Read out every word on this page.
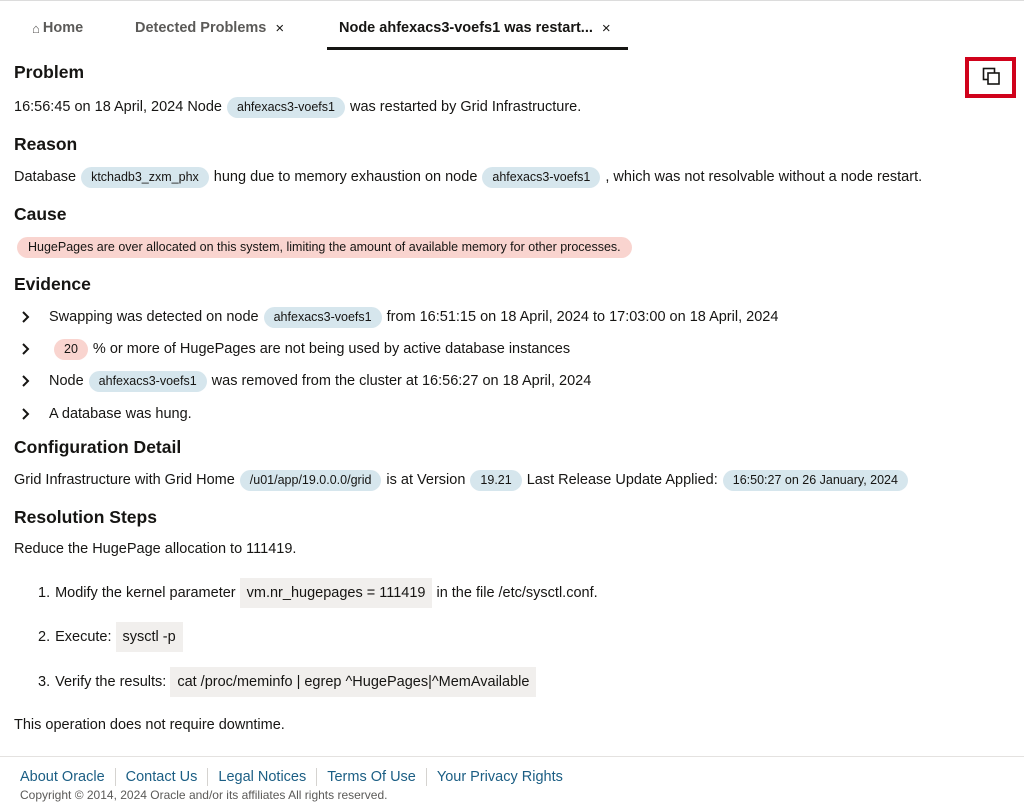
⌂ Home	Detected Problems ×	Node ahfexacs3-voefs1 was restart... ×
Problem
16:56:45 on 18 April, 2024 Node	ahfexacs3-voefs1	was restarted by Grid Infrastructure.
Reason
Database	ktchadb3_zxm_phx	hung due to memory exhaustion on node	ahfexacs3-voefs1	, which was not resolvable without a node restart.
Cause
HugePages are over allocated on this system, limiting the amount of available memory for other processes.
Evidence
Swapping was detected on node	ahfexacs3-voefs1	from 16:51:15 on 18 April, 2024 to 17:03:00 on 18 April, 2024
20	% or more of HugePages are not being used by active database instances
Node	ahfexacs3-voefs1	was removed from the cluster at 16:56:27 on 18 April, 2024
A database was hung.
Configuration Detail
Grid Infrastructure with Grid Home	/u01/app/19.0.0.0/grid	is at Version	19.21	Last Release Update Applied:	16:50:27 on 26 January, 2024
Resolution Steps
Reduce the HugePage allocation to 111419.
1. Modify the kernel parameter vm.nr_hugepages = 111419 in the file /etc/sysctl.conf.
2. Execute: sysctl -p
3. Verify the results: cat /proc/meminfo | egrep ^HugePages|^MemAvailable
This operation does not require downtime.
About Oracle	Contact Us	Legal Notices	Terms Of Use	Your Privacy Rights
Copyright © 2014, 2024 Oracle and/or its affiliates All rights reserved.
